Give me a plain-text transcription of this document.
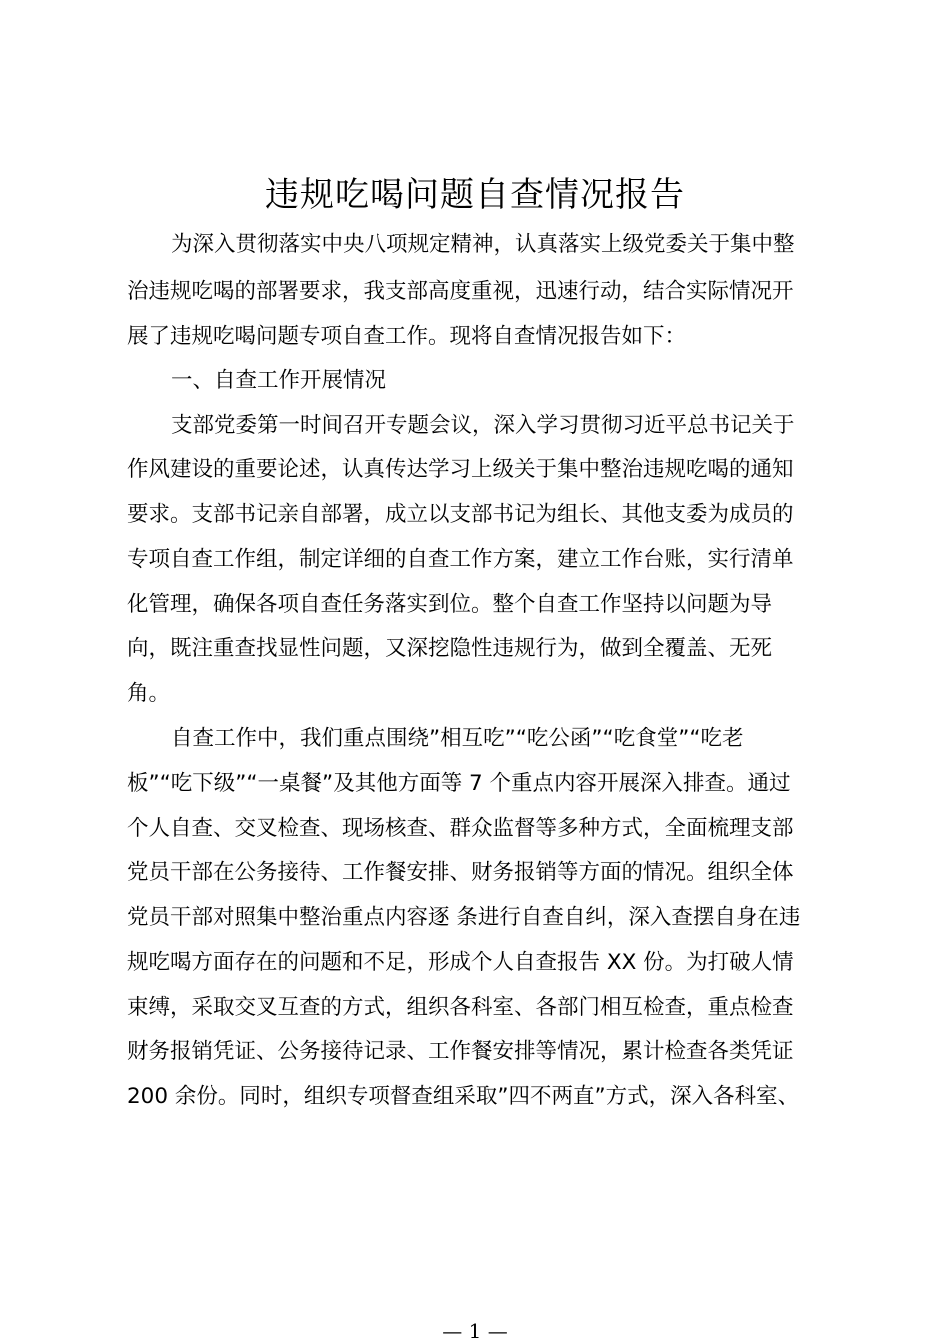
违规吃喝问题自查情况报告
为深入贯彻落实中央八项规定精神，认真落实上级党委关于集中整
治违规吃喝的部署要求，我支部高度重视，迅速行动，结合实际情况开
展了违规吃喝问题专项自查工作。现将自查情况报告如下：
一、自查工作开展情况
支部党委第一时间召开专题会议，深入学习贯彻习近平总书记关于
作风建设的重要论述，认真传达学习上级关于集中整治违规吃喝的通知
要求。支部书记亲自部署，成立以支部书记为组长、其他支委为成员的
专项自查工作组，制定详细的自查工作方案，建立工作台账，实行清单
化管理，确保各项自查任务落实到位。整个自查工作坚持以问题为导
向，既注重查找显性问题，又深挖隐性违规行为，做到全覆盖、无死
角。
自查工作中，我们重点围绕”相互吃”“吃公函”“吃食堂”“吃老
板”“吃下级”“一桌餐”及其他方面等 7 个重点内容开展深入排查。通过
个人自查、交叉检查、现场核查、群众监督等多种方式，全面梳理支部
党员干部在公务接待、工作餐安排、财务报销等方面的情况。组织全体
党员干部对照集中整治重点内容逐 条进行自查自纠，深入查摆自身在违
规吃喝方面存在的问题和不足，形成个人自查报告 XX 份。为打破人情
束缚，采取交叉互查的方式，组织各科室、各部门相互检查，重点检查
财务报销凭证、公务接待记录、工作餐安排等情况，累计检查各类凭证
200 余份。同时，组织专项督查组采取”四不两直”方式，深入各科室、
— 1 —
